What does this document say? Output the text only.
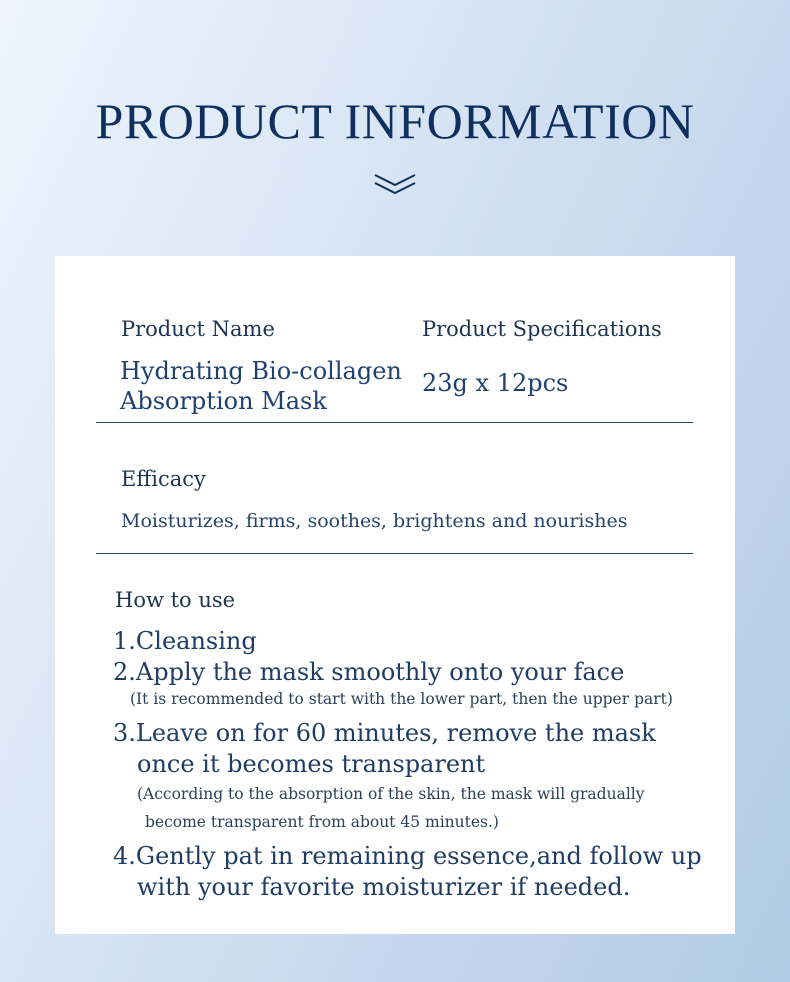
PRODUCT INFORMATION

Product Name	Product Specifications

Hydrating Bio-collagen

Absorption Mask

23g x 12pcs

Efficacy

Moisturizes, firms, soothes, brightens and nourishes

How to use

1.Cleansing

2.Apply the mask smoothly onto your face

(It is recommended to start with the lower part, then the upper part)

3.Leave on for 60 minutes, remove the mask

once it becomes transparent

(According to the absorption of the skin, the mask will gradually

become transparent from about 45 minutes.)

4.Gently pat in remaining essence,and follow up

with your favorite moisturizer if needed.
